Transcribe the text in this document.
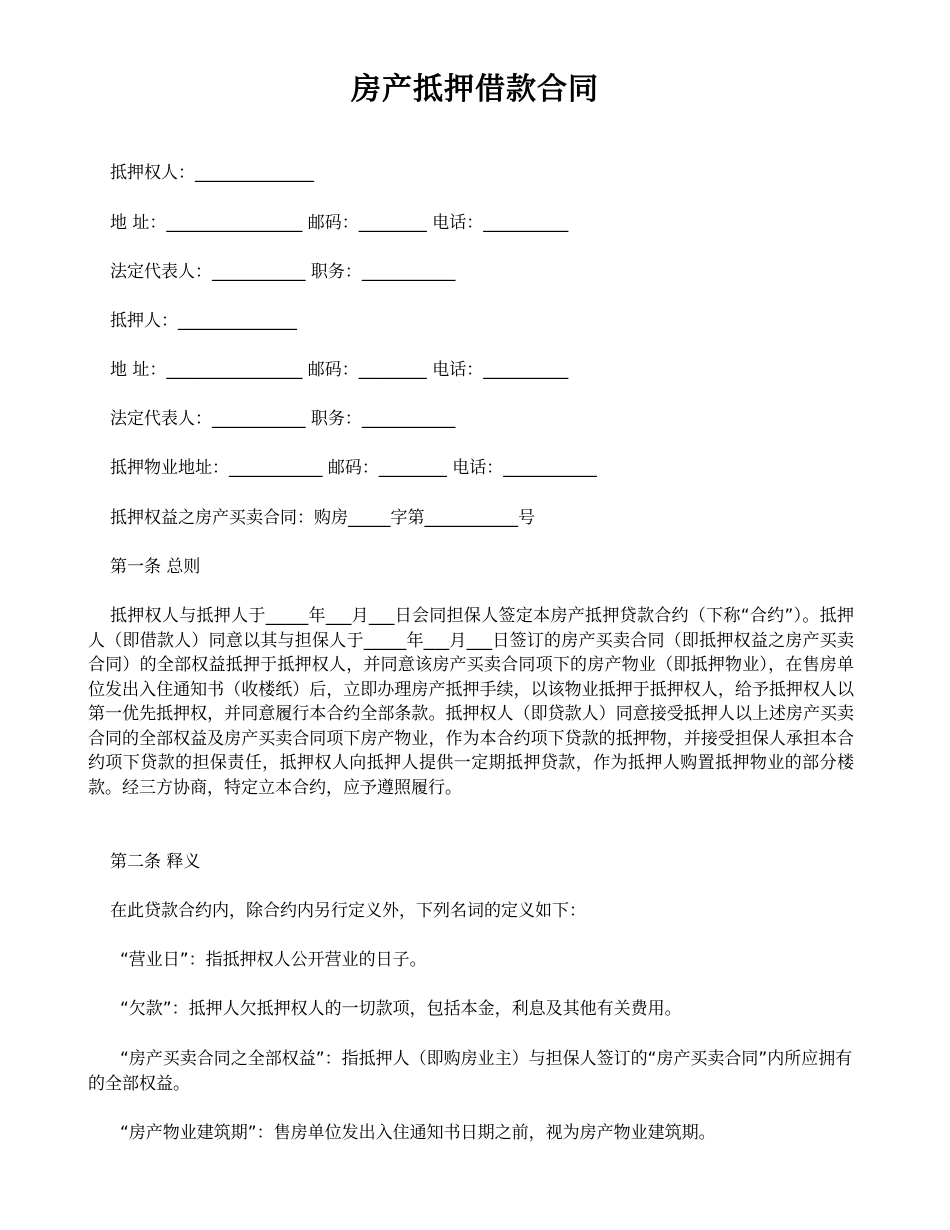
房产抵押借款合同
抵押权人：______________
地 址：________________ 邮码：________ 电话：__________
法定代表人：___________ 职务：___________
抵押人：______________
地 址：________________ 邮码：________ 电话：__________
法定代表人：___________ 职务：___________
抵押物业地址：___________ 邮码：________ 电话：___________
抵押权益之房产买卖合同：购房_____字第___________号
第一条 总则
抵押权人与抵押人于_____年___月___日会同担保人签定本房产抵押贷款合约（下称“合约”）。抵押人（即借款人）同意以其与担保人于_____年___月___日签订的房产买卖合同（即抵押权益之房产买卖合同）的全部权益抵押于抵押权人，并同意该房产买卖合同项下的房产物业（即抵押物业），在售房单位发出入住通知书（收楼纸）后，立即办理房产抵押手续，以该物业抵押于抵押权人，给予抵押权人以第一优先抵押权，并同意履行本合约全部条款。抵押权人（即贷款人）同意接受抵押人以上述房产买卖合同的全部权益及房产买卖合同项下房产物业，作为本合约项下贷款的抵押物，并接受担保人承担本合约项下贷款的担保责任，抵押权人向抵押人提供一定期抵押贷款，作为抵押人购置抵押物业的部分楼款。经三方协商，特定立本合约，应予遵照履行。
第二条 释义
在此贷款合约内，除合约内另行定义外，下列名词的定义如下：
“营业日”：指抵押权人公开营业的日子。
“欠款”：抵押人欠抵押权人的一切款项，包括本金，利息及其他有关费用。
“房产买卖合同之全部权益”：指抵押人（即购房业主）与担保人签订的“房产买卖合同”内所应拥有的全部权益。
“房产物业建筑期”：售房单位发出入住通知书日期之前，视为房产物业建筑期。
